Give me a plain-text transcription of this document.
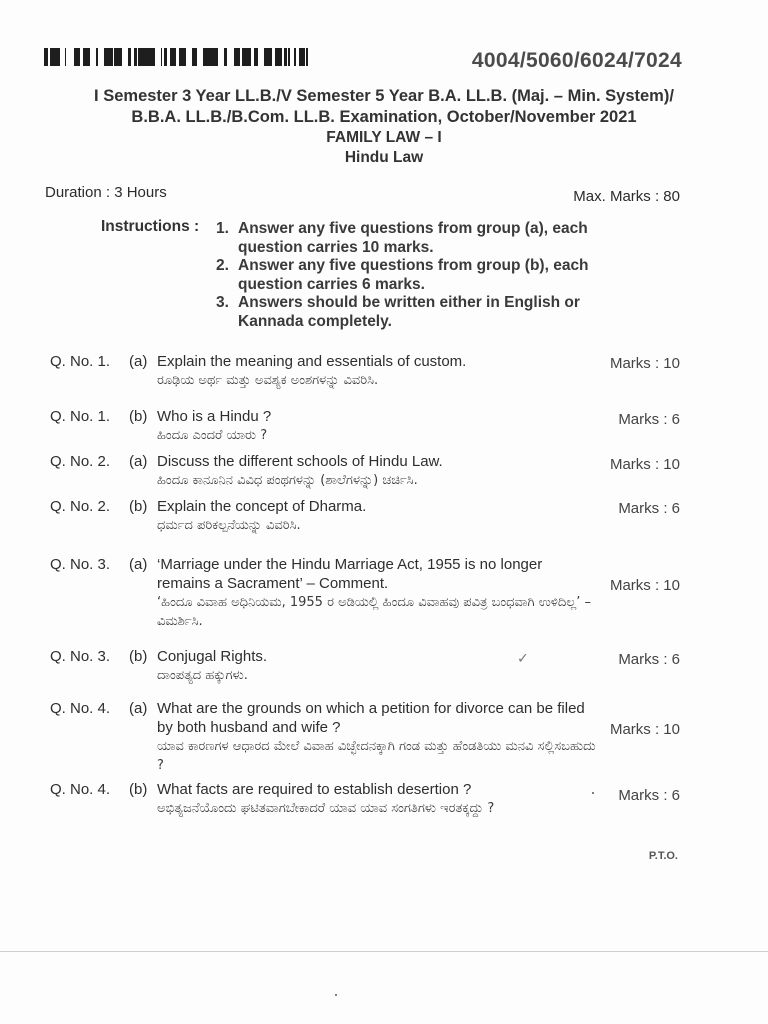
4004/5060/6024/7024
I Semester 3 Year LL.B./V Semester 5 Year B.A. LL.B. (Maj. – Min. System)/
B.B.A. LL.B./B.Com. LL.B. Examination, October/November 2021
FAMILY LAW – I
Hindu Law
Duration : 3 Hours	Max. Marks : 80
Instructions : 1. Answer any five questions from group (a), each question carries 10 marks.
2. Answer any five questions from group (b), each question carries 6 marks.
3. Answers should be written either in English or Kannada completely.
Q. No. 1.	(a) Explain the meaning and essentials of custom.
ರೂಢಿಯ ಅರ್ಥ ಮತ್ತು ಅವಶ್ಯಕ ಅಂಶಗಳನ್ನು ವಿವರಿಸಿ.
Marks : 10
Q. No. 1.	(b) Who is a Hindu ?
ಹಿಂದೂ ಎಂದರೆ ಯಾರು ?
Marks : 6
Q. No. 2.	(a) Discuss the different schools of Hindu Law.
ಹಿಂದೂ ಕಾನೂನಿನ ವಿವಿಧ ಪಂಥಗಳನ್ನು (ಶಾಲೆಗಳನ್ನು) ಚರ್ಚಿಸಿ.
Marks : 10
Q. No. 2.	(b) Explain the concept of Dharma.
ಧರ್ಮದ ಪರಿಕಲ್ಪನೆಯನ್ನು ವಿವರಿಸಿ.
Marks : 6
Q. No. 3.	(a) ‘Marriage under the Hindu Marriage Act, 1955 is no longer remains a Sacrament’ – Comment.
‘ಹಿಂದೂ ವಿವಾಹ ಅಧಿನಿಯಮ, 1955 ರ ಅಡಿಯಲ್ಲಿ ಹಿಂದೂ ವಿವಾಹವು ಪವಿತ್ರ ಬಂಧವಾಗಿ ಉಳಿದಿಲ್ಲ’ – ವಿಮರ್ಶಿಸಿ.
Marks : 10
Q. No. 3.	(b) Conjugal Rights.
ದಾಂಪತ್ಯದ ಹಕ್ಕುಗಳು.
Marks : 6
✓
Q. No. 4.	(a) What are the grounds on which a petition for divorce can be filed by both husband and wife ?
ಯಾವ ಕಾರಣಗಳ ಆಧಾರದ ಮೇಲೆ ವಿವಾಹ ವಿಚ್ಛೇದನಕ್ಕಾಗಿ ಗಂಡ ಮತ್ತು ಹೆಂಡತಿಯು ಮನವಿ ಸಲ್ಲಿಸಬಹುದು ?
Marks : 10
Q. No. 4.	(b) What facts are required to establish desertion ?
ಅಭಿತ್ಯಜನೆಯೊಂದು ಘಟಿತವಾಗಬೇಕಾದರೆ ಯಾವ ಯಾವ ಸಂಗತಿಗಳು ಇರತಕ್ಕದ್ದು ?
Marks : 6
P.T.O.
